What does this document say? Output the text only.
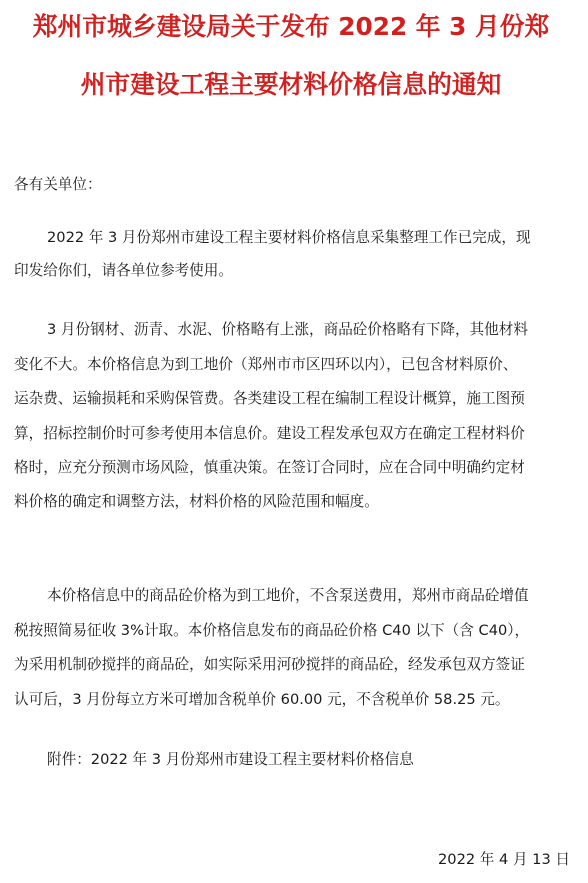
郑州市城乡建设局关于发布 2022 年 3 月份郑
州市建设工程主要材料价格信息的通知
各有关单位：
2022 年 3 月份郑州市建设工程主要材料价格信息采集整理工作已完成，现
印发给你们，请各单位参考使用。
3 月份钢材、沥青、水泥、价格略有上涨，商品砼价格略有下降，其他材料
变化不大。本价格信息为到工地价（郑州市市区四环以内），已包含材料原价、
运杂费、运输损耗和采购保管费。各类建设工程在编制工程设计概算，施工图预
算，招标控制价时可参考使用本信息价。建设工程发承包双方在确定工程材料价
格时，应充分预测市场风险，慎重决策。在签订合同时，应在合同中明确约定材
料价格的确定和调整方法，材料价格的风险范围和幅度。
本价格信息中的商品砼价格为到工地价，不含泵送费用，郑州市商品砼增值
税按照简易征收 3%计取。本价格信息发布的商品砼价格 C40 以下（含 C40），
为采用机制砂搅拌的商品砼，如实际采用河砂搅拌的商品砼，经发承包双方签证
认可后，3 月份每立方米可增加含税单价 60.00 元，不含税单价 58.25 元。
附件：2022 年 3 月份郑州市建设工程主要材料价格信息
2022 年 4 月 13 日
